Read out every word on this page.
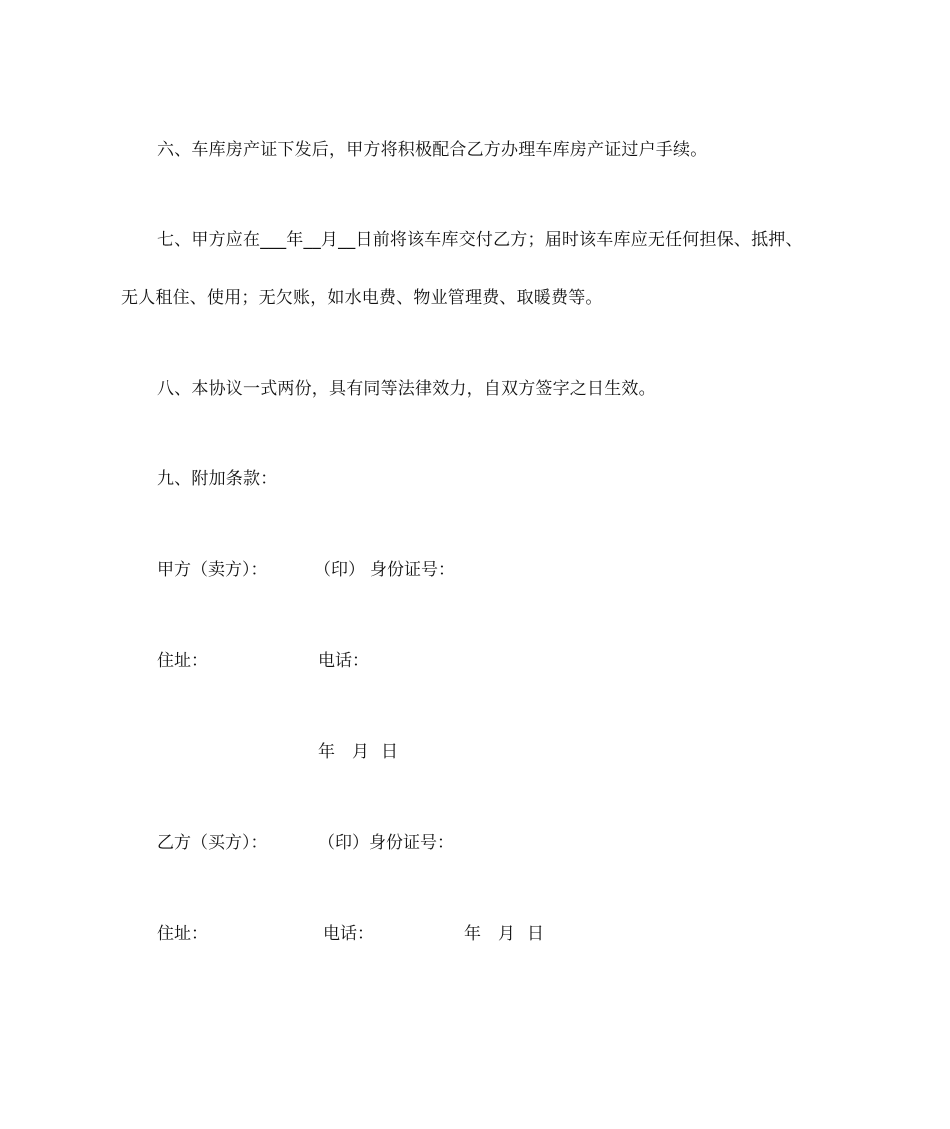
六、车库房产证下发后，甲方将积极配合乙方办理车库房产证过户手续。
七、甲方应在___年__月__日前将该车库交付乙方；届时该车库应无任何担保、抵押、
无人租住、使用；无欠账，如水电费、物业管理费、取暖费等。
八、本协议一式两份，具有同等法律效力，自双方签字之日生效。
九、附加条款：
甲方（卖方）：	（印） 身份证号：
住址：	电话：
年 月 日
乙方（买方）：	（印）身份证号：
住址：	电话：	年 月 日
